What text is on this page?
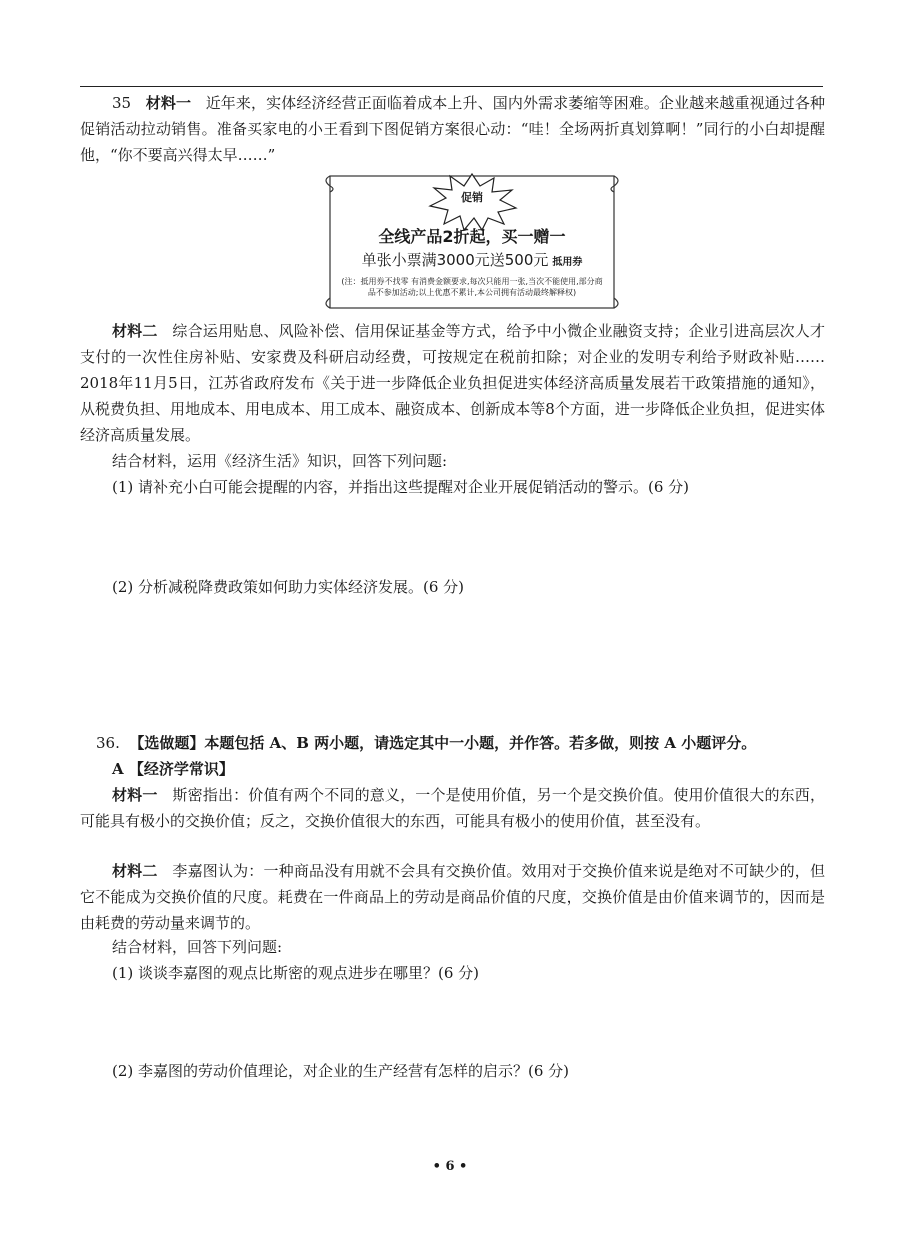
35 材料一 近年来，实体经济经营正面临着成本上升、国内外需求萎缩等困难。企业越来越重视通过各种促销活动拉动销售。准备买家电的小王看到下图促销方案很心动：“哇！全场两折真划算啊！”同行的小白却提醒他，“你不要高兴得太早……”
促销
全线产品2折起，买一赠一
单张小票满3000元送500元 抵用券
(注：抵用券不找零 有消费金额要求,每次只能用一张,当次不能使用,部分商品不参加活动;以上优惠不累计,本公司拥有活动最终解释权)
材料二 综合运用贴息、风险补偿、信用保证基金等方式，给予中小微企业融资支持；企业引进高层次人才支付的一次性住房补贴、安家费及科研启动经费，可按规定在税前扣除；对企业的发明专利给予财政补贴……2018年11月5日，江苏省政府发布《关于进一步降低企业负担促进实体经济高质量发展若干政策措施的通知》，从税费负担、用地成本、用电成本、用工成本、融资成本、创新成本等8个方面，进一步降低企业负担，促进实体经济高质量发展。
结合材料，运用《经济生活》知识，回答下列问题:
(1) 请补充小白可能会提醒的内容，并指出这些提醒对企业开展促销活动的警示。(6 分)
(2) 分析减税降费政策如何助力实体经济发展。(6 分)
36. 【选做题】本题包括 A、B 两小题，请选定其中一小题，并作答。若多做，则按 A 小题评分。
A 【经济学常识】
材料一 斯密指出：价值有两个不同的意义，一个是使用价值，另一个是交换价值。使用价值很大的东西，可能具有极小的交换价值；反之，交换价值很大的东西，可能具有极小的使用价值，甚至没有。
材料二 李嘉图认为：一种商品没有用就不会具有交换价值。效用对于交换价值来说是绝对不可缺少的，但它不能成为交换价值的尺度。耗费在一件商品上的劳动是商品价值的尺度，交换价值是由价值来调节的，因而是由耗费的劳动量来调节的。
结合材料，回答下列问题:
(1) 谈谈李嘉图的观点比斯密的观点进步在哪里？(6 分)
(2) 李嘉图的劳动价值理论，对企业的生产经营有怎样的启示？(6 分)
• 6 •
